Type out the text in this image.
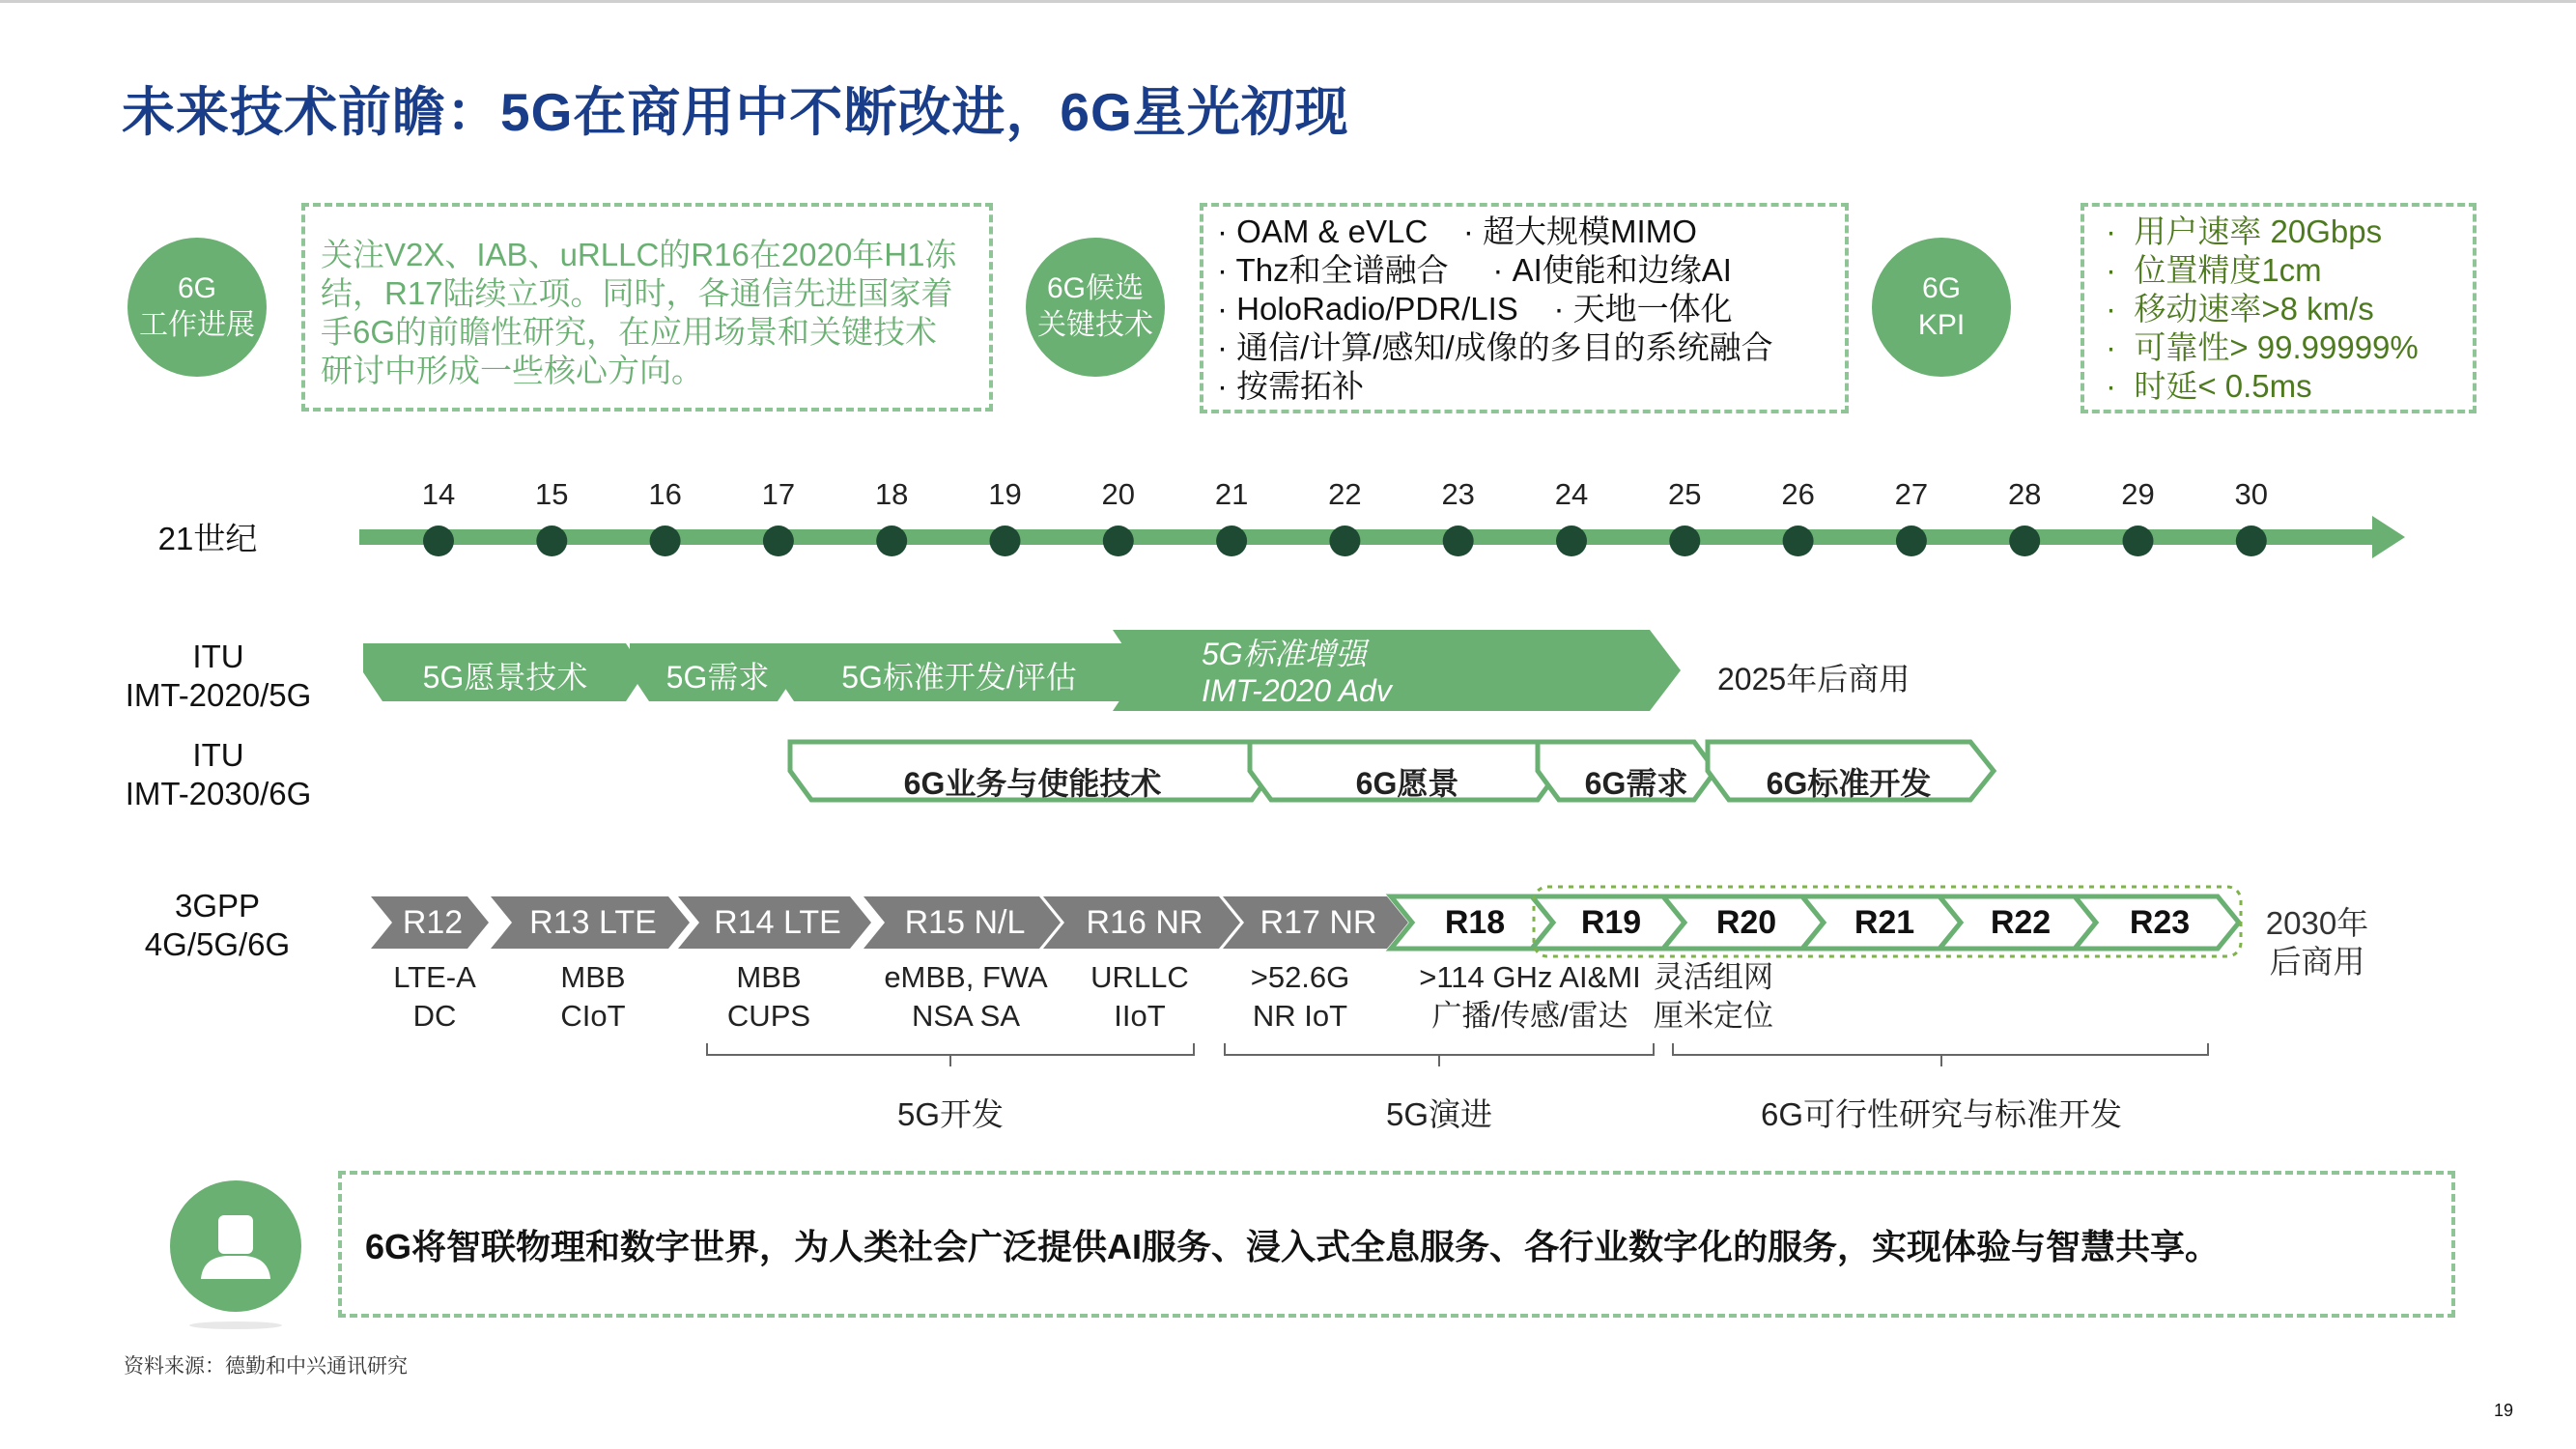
未来技术前瞻：5G在商用中不断改进，6G星光初现
6G
工作进展
关注V2X、IAB、uRLLC的R16在2020年H1冻
结，R17陆续立项。同时，各通信先进国家着
手6G的前瞻性研究，在应用场景和关键技术
研讨中形成一些核心方向。
6G候选
关键技术
· OAM & eVLC    · 超大规模MIMO
· Thz和全谱融合     · AI使能和边缘AI
· HoloRadio/PDR/LIS    · 天地一体化
· 通信/计算/感知/成像的多目的系统融合
· 按需拓补
6G
KPI
·  用户速率 20Gbps
·  位置精度1cm
·  移动速率>8 km/s
·  可靠性> 99.99999%
·  时延< 0.5ms
21世纪
14	15	16	17	18	19	20	21	22	23	24	25	26	27	28	29	30
ITU
IMT-2020/5G	5G愿景技术	5G需求	5G标准开发/评估
5G标准增强
IMT-2020 Adv	2025年后商用
ITU
IMT-2030/6G	6G业务与使能技术	6G愿景	6G需求	6G标准开发
3GPP
4G/5G/6G
R12	R13 LTE	R14 LTE	R15 N/L	R16 NR	R17 NR	R18	R19	R20	R21	R22	R23	2030年
后商用
LTE-A
DC
MBB
CIoT
MBB
CUPS
eMBB, FWA
NSA SA
URLLC
IIoT
>52.6G
NR IoT
>114 GHz AI&MI
广播/传感/雷达
灵活组网
厘米定位
5G开发	5G演进	6G可行性研究与标准开发
6G将智联物理和数字世界，为人类社会广泛提供AI服务、浸入式全息服务、各行业数字化的服务，实现体验与智慧共享。
资料来源：德勤和中兴通讯研究
19
